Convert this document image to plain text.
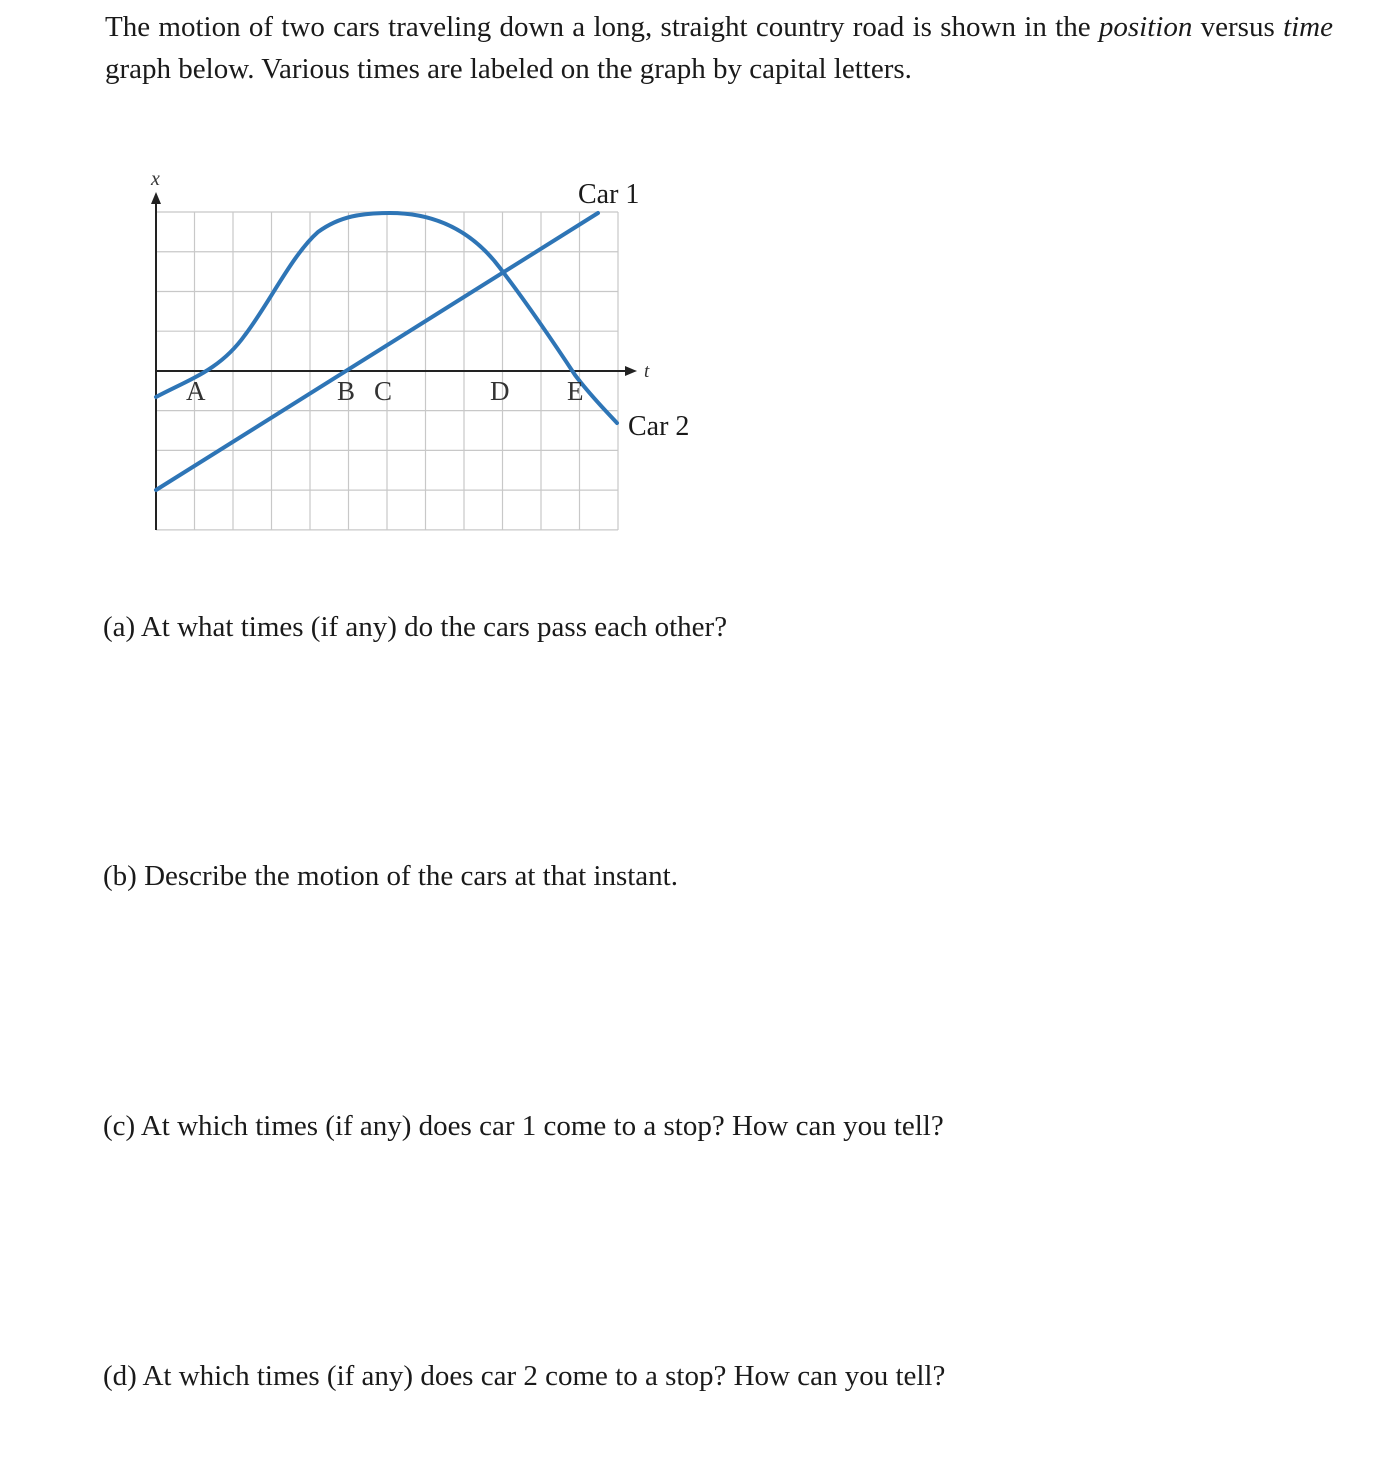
The motion of two cars traveling down a long, straight country road is shown in the position versus time graph below. Various times are labeled on the graph by capital letters.
x
t
Car 1
Car 2
A	B C	D E
(a) At what times (if any) do the cars pass each other?
(b) Describe the motion of the cars at that instant.
(c) At which times (if any) does car 1 come to a stop? How can you tell?
(d) At which times (if any) does car 2 come to a stop? How can you tell?
